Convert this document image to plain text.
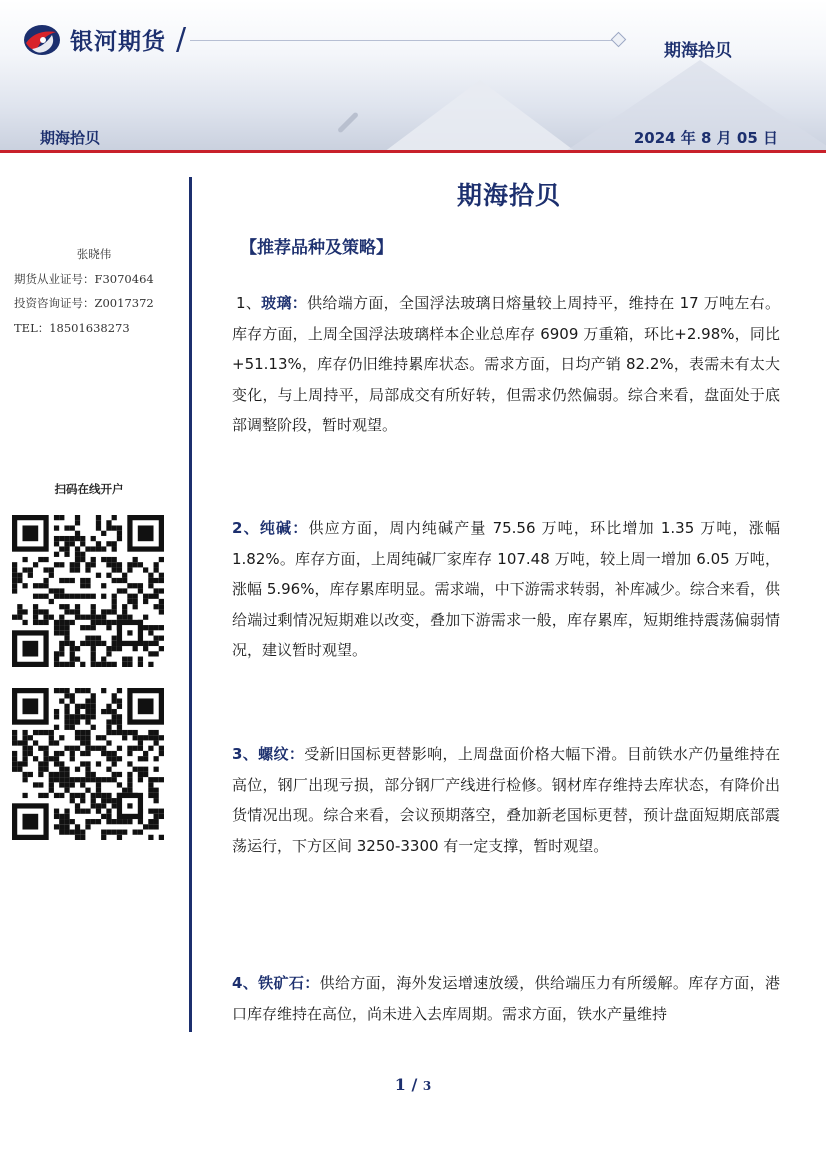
银河期货 /	期海拾贝
期海拾贝	2024 年 8 月 05 日
张晓伟
期货从业证号：F3070464
投资咨询证号：Z0017372
TEL：18501638273
扫码在线开户
期海拾贝
【推荐品种及策略】
1、玻璃：供给端方面，全国浮法玻璃日熔量较上周持平，维持在 17 万吨左右。库存方面，上周全国浮法玻璃样本企业总库存 6909 万重箱，环比+2.98%，同比+51.13%，库存仍旧维持累库状态。需求方面，日均产销 82.2%，表需未有太大变化，与上周持平，局部成交有所好转，但需求仍然偏弱。综合来看，盘面处于底部调整阶段，暂时观望。
2、纯碱：供应方面，周内纯碱产量 75.56 万吨，环比增加 1.35 万吨，涨幅 1.82%。库存方面，上周纯碱厂家库存 107.48 万吨，较上周一增加 6.05 万吨，涨幅 5.96%，库存累库明显。需求端，中下游需求转弱，补库减少。综合来看，供给端过剩情况短期难以改变，叠加下游需求一般，库存累库，短期维持震荡偏弱情况，建议暂时观望。
3、螺纹：受新旧国标更替影响，上周盘面价格大幅下滑。目前铁水产仍量维持在高位，钢厂出现亏损，部分钢厂产线进行检修。钢材库存维持去库状态，有降价出货情况出现。综合来看，会议预期落空，叠加新老国标更替，预计盘面短期底部震荡运行，下方区间 3250-3300 有一定支撑，暂时观望。
4、铁矿石：供给方面，海外发运增速放缓，供给端压力有所缓解。库存方面，港口库存维持在高位，尚未进入去库周期。需求方面，铁水产量维持
1 / 3
